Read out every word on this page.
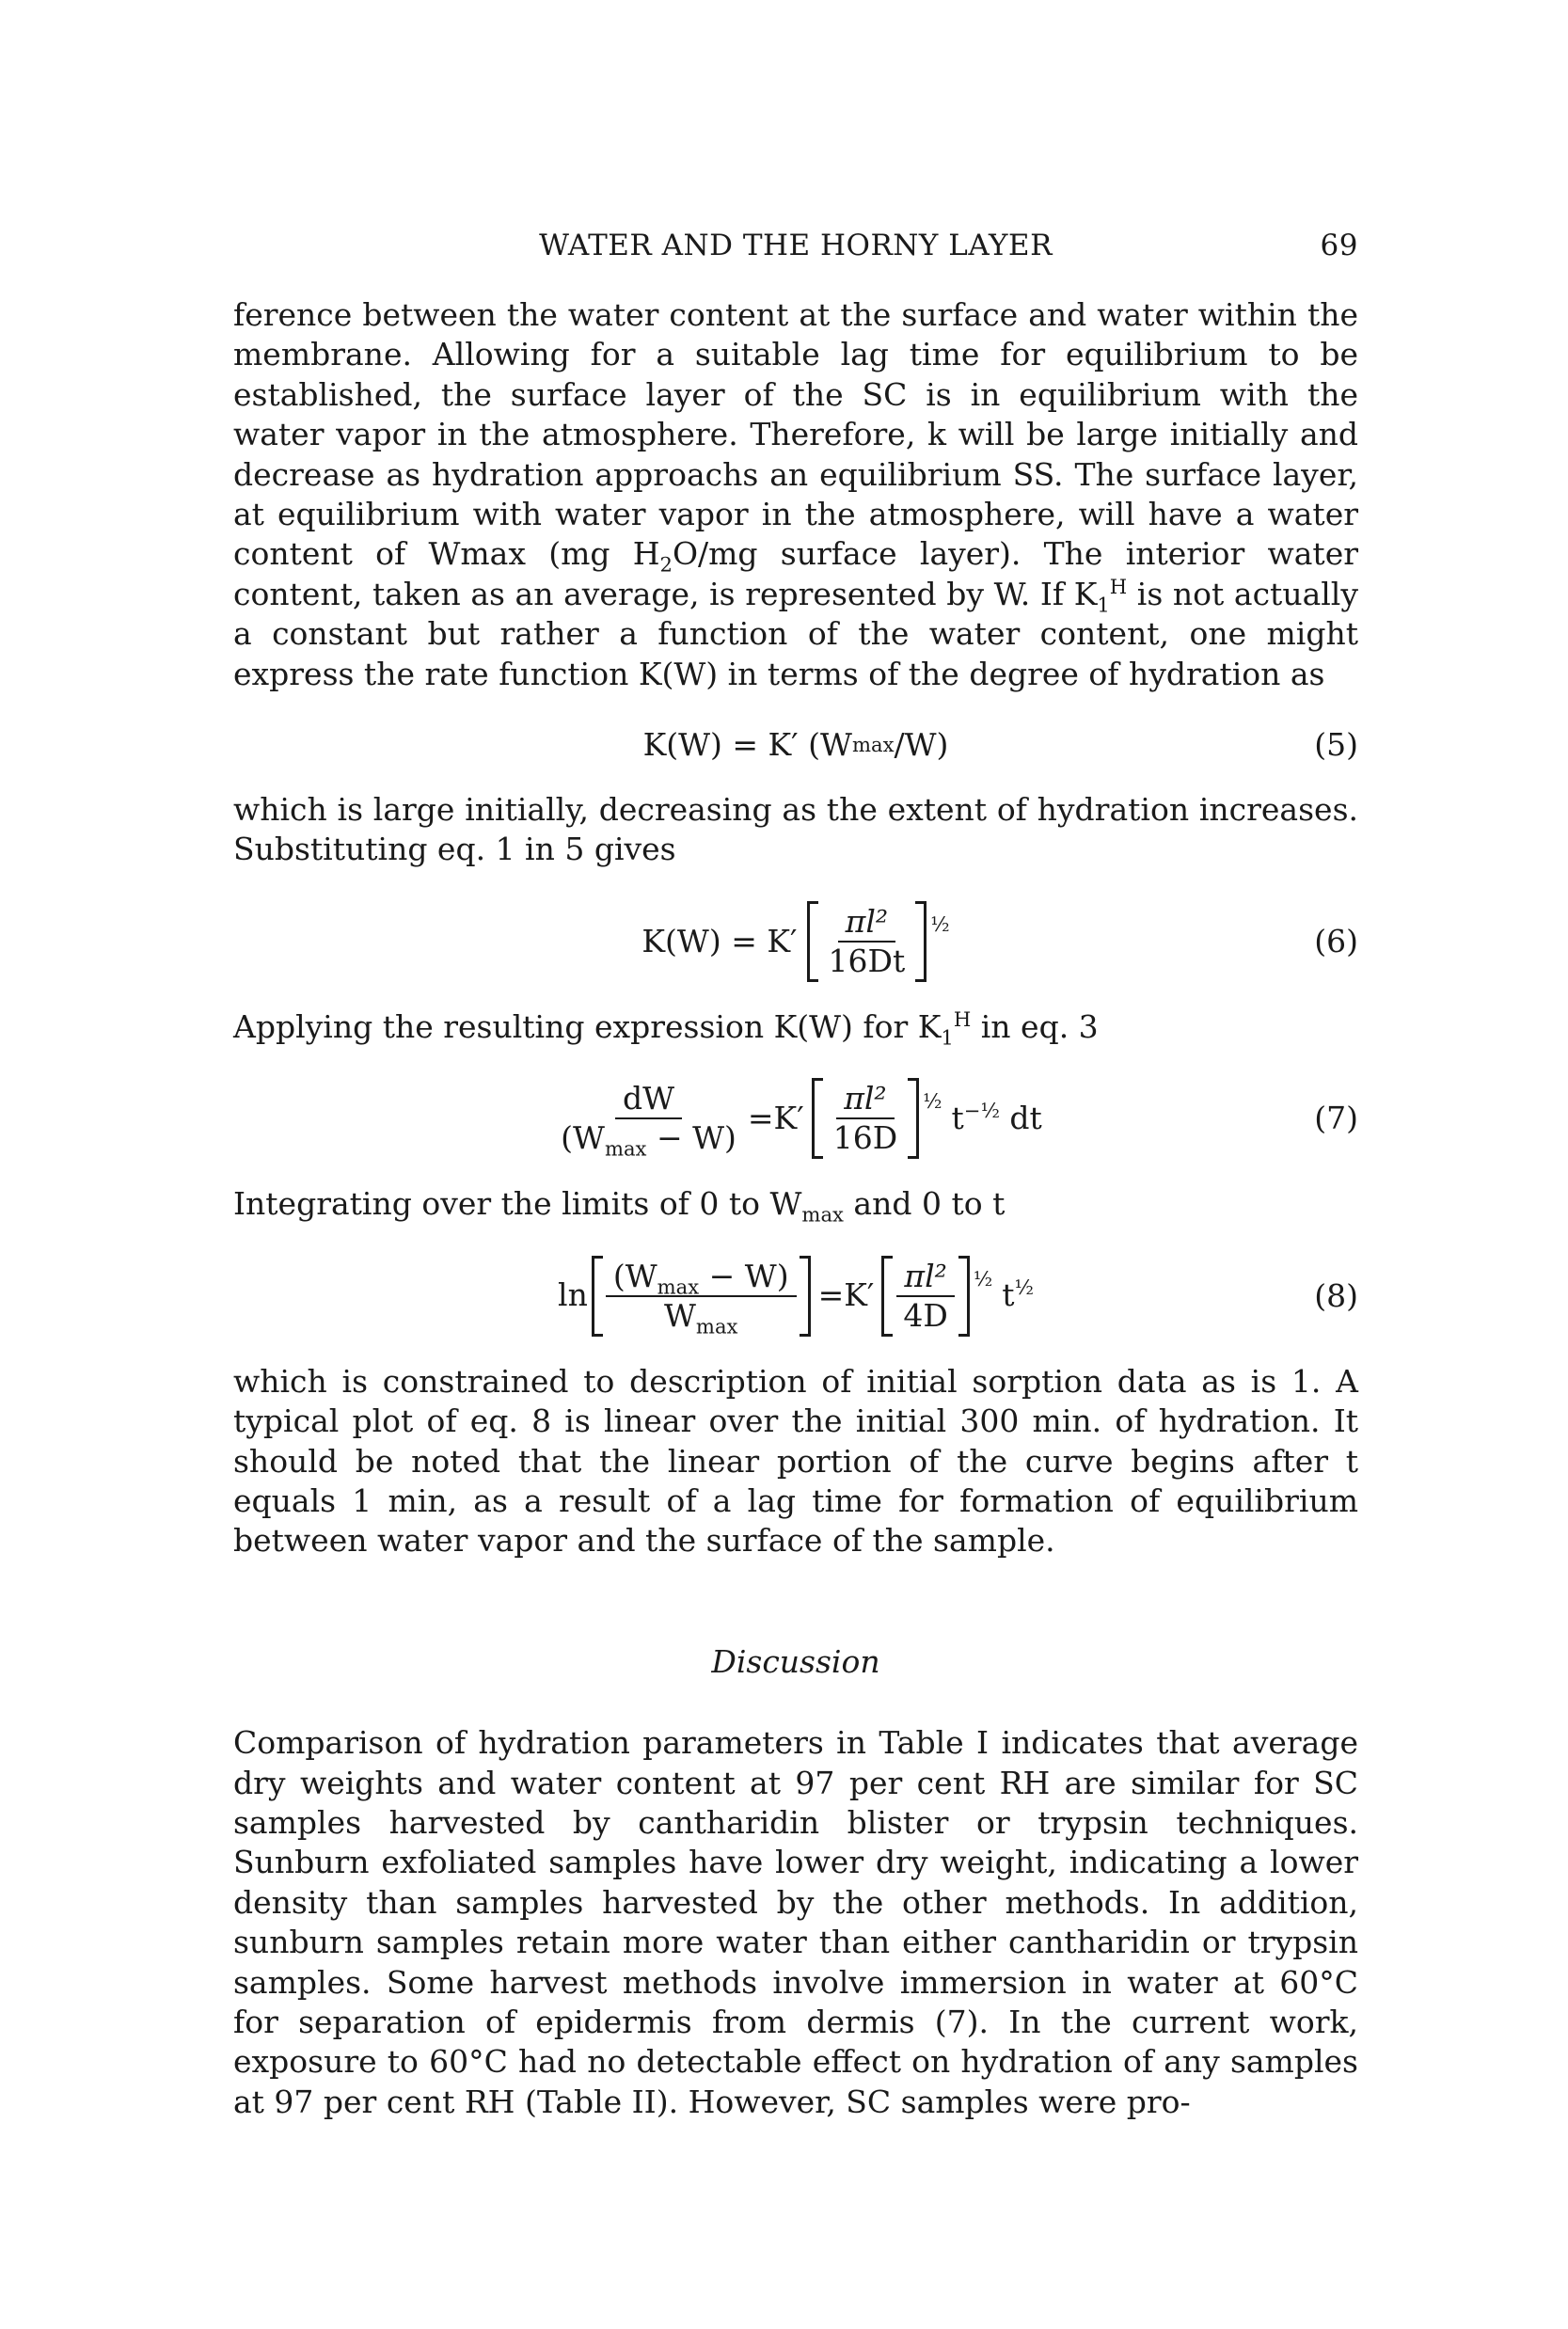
WATER AND THE HORNY LAYER	69

ference between the water content at the surface and water within the membrane. Allowing for a suitable lag time for equilibrium to be established, the surface layer of the SC is in equilibrium with the water vapor in the atmosphere. Therefore, k will be large initially and decrease as hydration approachs an equilibrium SS. The surface layer, at equilibrium with water vapor in the atmosphere, will have a water content of Wmax (mg $H_2O/mg$ surface layer). The interior water content, taken as an average, is represented by W. If $K_1^H$ is not actually a constant but rather a function of the water content, one might express the rate function K(W) in terms of the degree of hydration as

K(W) = K′ (W max /W)	(5)

which is large initially, decreasing as the extent of hydration increases. Substituting eq. 1 in 5 gives

$K(W) = K' \frac{\text{πl²}}{16Dt}$ ½	(6)

Applying the resulting expression K(W) for $K_1^H$ in eq. 3

$\frac{dW}{(W_{max} - W)} =K' \frac{\text{πl²}}{16D}$ ½ $t^{-\frac{1}{2}}$ dt	(7)

Integrating over the limits of 0 to $W_{max}$ and 0 to t

$\ln \frac{(W_{max} - W)}{W_{max}} =K' \frac{\text{πl²}}{4D}$ ½ $t^{\frac{1}{2}}$	(8)

which is constrained to description of initial sorption data as is 1. A typical plot of eq. 8 is linear over the initial 300 min. of hydration. It should be noted that the linear portion of the curve begins after t equals 1 min, as a result of a lag time for formation of equilibrium between water vapor and the surface of the sample.

Discussion

Comparison of hydration parameters in Table I indicates that average dry weights and water content at 97 per cent RH are similar for SC samples harvested by cantharidin blister or trypsin techniques. Sunburn exfoliated samples have lower dry weight, indicating a lower density than samples harvested by the other methods. In addition, sunburn samples retain more water than either cantharidin or trypsin samples. Some harvest methods involve immersion in water at 60°C for separation of epidermis from dermis (7). In the current work, exposure to 60°C had no detectable effect on hydration of any samples at 97 per cent RH (Table II). However, SC samples were pro-
